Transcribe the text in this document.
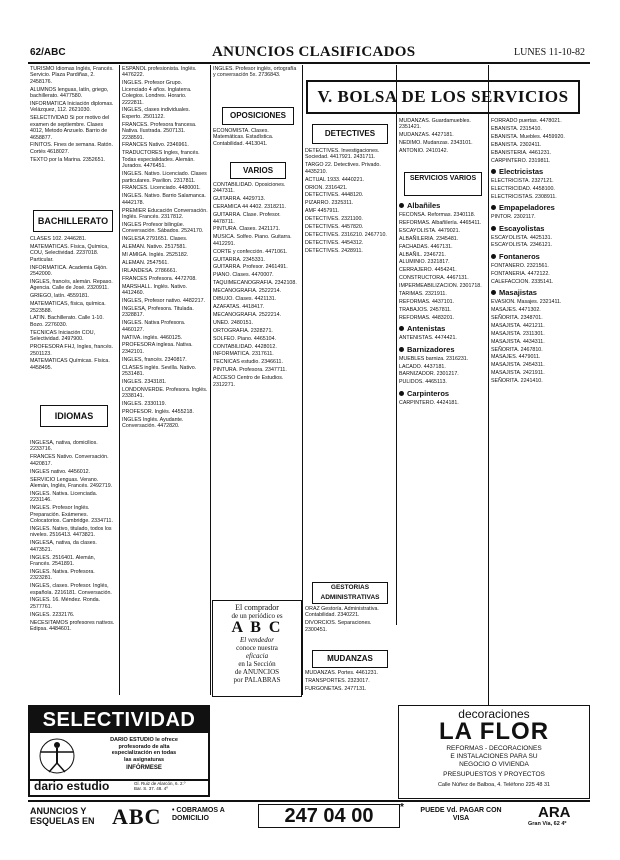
62/ABC	ANUNCIOS CLASIFICADOS	LUNES 11-10-82
TURISMO Idiomas Inglés, Francés. Servicio. Plaza Pardiñas, 2. 2458176.
ALUMNOS lenguas, latín, griego, bachillerato. 4477580.
INFORMATICA Iniciación diplomas. Velázquez, 112. 2621030.
SELECTIVIDAD Si por motivo del examen de septiembre. Clases 4012, Metodo Anzuelo. Barrio de 4658877.
FINITOS. Fines de semana. Ratón. Cortés 4618027.
TEXTO por la Marina. 2352651.
BACHILLERATO
CLASES 102. 2446281.
MATEMATICAS. Física, Química, COU, Selectividad. 2237018. Particular.
INFORMATICA. Academia Gijón. 2542000.
INGLES, francés, alemán. Repaso. Agencia. Calle de José. 2320911.
GRIEGO, latín. 4559181.
MATEMATICAS, física, química. 2523588.
LATIN. Bachillerato. Calle 1-10. Bozo. 2276030.
TECNICAS Iniciación COU, Selectividad. 2497900.
PROFESORA FHJ, Ingles, francés. 2501123.
MATEMATICAS Químicas. Física. 4458495.
IDIOMAS
INGLESA, nativa, domicilios. 2233716.
FRANCES Nativo. Conversación. 4420817.
INGLES nativo. 4456012.
SERVICIO Lenguas. Verano. Alemán, Inglés, Francés. 2492719.
INGLES. Nativa. Licenciada. 2231146.
INGLES. Profesor Inglés. Preparación. Exámenes. Colocatorios. Cambridge. 2334711.
INGLES. Nativo, titulado, todos los niveles. 2516413. 4473821.
INGLESA, nativa, da clases. 4473521.
INGLES. 2516401. Alemán, Francés. 2541891.
INGLES. Nativa. Profesora. 2323281.
INGLES, clases. Profesor. Inglés, española. 2216181. Conversación.
INGLES. 16. Méndez. Ronda. 2577761.
INGLES. 2232176.
NECESITAMOS profesores nativos. Edipsa. 4484601.
ESPANOL profesionista. Inglés. 4476222.
INGLES. Profesor Grupo. Licenciado 4 años. Inglaterra. Colegios. Londres. Horario. 2222811.
INGLES, clases individuales. Experto. 2501122.
FRANCES. Profesora francesa. Nativa. Ilustrada. 2507131. 2238591.
FRANCES Nativo. 2346961.
TRADUCTORES Ingles, francés. Todas especialidades. Alemán. Jurados. 4476451.
INGLES. Nativo. Licenciado. Clases particulares. Pavilion. 2317811.
FRANCES. Licenciado. 4480001.
INGLES. Nativo. Barrio Salamanca. 4442178.
PREMIER Educación Conversación. Inglés. Francés. 2317812.
INGLES Profesor bilingüe. Conversación. Sábados. 2524170.
INGLESA 2791651. Clases.
ALEMAN. Nativo. 2517581.
MI AMIGA. Inglés. 2525182.
ALEMAN. 2547561.
IRLANDESA. 2786661.
FRANCES Profesora. 4472708.
MARSHALL. Inglés. Nativo. 4412460.
INGLES, Profesor nativo. 4482217.
INGLESA, Profesora. Titulada. 2328817.
INGLES. Nativa Profesora. 4460127.
NATIVA. inglés. 4460125.
PROFESORA inglesa. Nativa. 2342101.
INGLES, francés. 2340817.
CLASES inglés. Sevilla. Nativo. 2531481.
INGLES. 2343181.
LONDONVERDE. Profesora. Inglés. 2338141.
INGLES. 2330119.
PROFESOR. Inglés. 4455218.
INGLES Inglés. Ayudante. Conversación. 4472820.
INGLES. Profesor inglés, ortografía y conversación 5x. 2736843.
OPOSICIONES
ECONOMISTA. Clases. Matemáticas. Estadística. Contabilidad. 4413041.
VARIOS
CONTABILIDAD. Oposiciones. 2447311.
GUITARRA. 4429713.
CERAMICA 44 4402. 2318211.
GUITARRA. Clase. Profesor. 4478711.
PINTURA. Clases. 2421171.
MUSICA. Solfeo. Piano. Guitarra. 4412291.
CORTE y confección. 4471061.
GUITARRA. 2345331.
GUITARRA. Profesor. 2461491.
PIANO. Clases. 4470007.
TAQUIMECANOGRAFIA. 2342108.
MECANOGRAFIA. 2522214.
DIBUJO. Clases. 4421131.
AZAFATAS. 4418417.
MECANOGRAFIA. 2522214.
UNED. 2480151.
ORTOGRAFIA. 2328271.
SOLFEO. Piano. 4465104.
CONTABILIDAD. 4428012.
INFORMATICA. 2317611.
TECNICAS estudio. 2346611.
PINTURA. Profesora. 2347711.
ACCESO Centro de Estudios. 2312271.
El comprador
de un periódico es
A B C
El vendedor
conoce nuestra
eficacia
en la Sección
de ANUNCIOS
por PALABRAS
V. BOLSA DE LOS SERVICIOS
DETECTIVES
DETECTIVES. Investigaciones. Sociedad. 4417921. 2431711.
TARGO 22. Detectives. Privado. 4435210.
ACTUAL 1933. 4440221.
ORION. 2316421.
DETECTIVES. 4448120.
PIZARRO. 2325311.
AMF 4457911.
DETECTIVES. 2321100.
DETECTIVES. 4457820.
DETECTIVES. 2316210. 2467710.
DETECTIVES. 4454312.
DETECTIVES. 2428911.
GESTORIAS ADMINISTRATIVAS
ORAZ Gestoría. Administrativa. Contabilidad. 2340221.
DIVORCIOS. Separaciones. 2300451.
MUDANZAS
MUDANZAS. Portes. 4461231.
TRANSPORTES. 2323017.
FURGONETAS. 2477131.
MUDANZAS. Guardamuebles. 2351421.
MUDANZAS. 4427181.
NEDIMO. Mudanzas. 2343101.
ANTONIO. 2410142.
SERVICIOS VARIOS
Albañiles
FECONSA. Reformas. 2340118.
REFORMAS. Albañilería. 4465411.
ESCAYOLISTA. 4479021.
ALBAÑILERIA. 2345481.
FACHADAS. 4467131.
ALBAÑIL. 2346721.
ALUMINIO. 2321817.
CERRAJERO. 4454241.
CONSTRUCTORA. 4467131.
IMPERMEABILIZACION. 2301718.
TARIMAS. 2321911.
REFORMAS. 4437101.
TRABAJOS. 2457811.
REFORMAS. 4483201.
Antenistas
ANTENISTAS. 4474421.
Barnizadores
MUEBLES barniza. 2316231.
LACADO. 4437181.
BARNIZADOR. 2301217.
PULIDOS. 4465113.
Carpinteros
CARPINTERO. 4424181.
FORRADO puertas. 4478021.
EBANISTA. 2315410.
EBANISTA. Muebles. 4459920.
EBANISTA. 2302411.
EBANISTERIA. 4461231.
CARPINTERO. 2319811.
Electricistas
ELECTRICISTA. 2327121.
ELECTRICIDAD. 4458100.
ELECTRICISTAS. 2308911.
Empapeladores
PINTOR. 2302117.
Escayolistas
ESCAYOLISTA. 4425131.
ESCAYOLISTA. 2346121.
Fontaneros
FONTANERO. 2321561.
FONTANERIA. 4472122.
CALEFACCION. 2335141.
Masajistas
EVASION. Masajes. 2321411.
MASAJES. 4471302.
SEÑORITA. 2348701.
MASAJISTA. 4421211.
MASAJISTA. 2311301.
MASAJISTA. 4434311.
SEÑORITA. 2467810.
MASAJES. 4479011.
MASAJISTA. 2454311.
MASAJISTA. 2421911.
SEÑORITA. 2241410.
SELECTIVIDAD
DARIO ESTUDIO le ofrece
profesorado de alta
especialización en todas
las asignaturas
INFÓRMESE
dario estudio	Gl. Ruiz de Alarcón, 6. 2.º
Bar. S. 37. 48. 4º
decoraciones
LA FLOR
REFORMAS - DECORACIONES
E INSTALACIONES PARA SU
NEGOCIO O VIVIENDA
PRESUPUESTOS Y PROYECTOS
Calle Núñez de Balboa, 4. Teléfono 225 48 31
ANUNCIOS Y ESQUELAS EN ABC • COBRAMOS A DOMICILIO	247 04 00	*	PUEDE Vd. PAGAR CON VISA	ARA
Gran Vía, 62 4º
